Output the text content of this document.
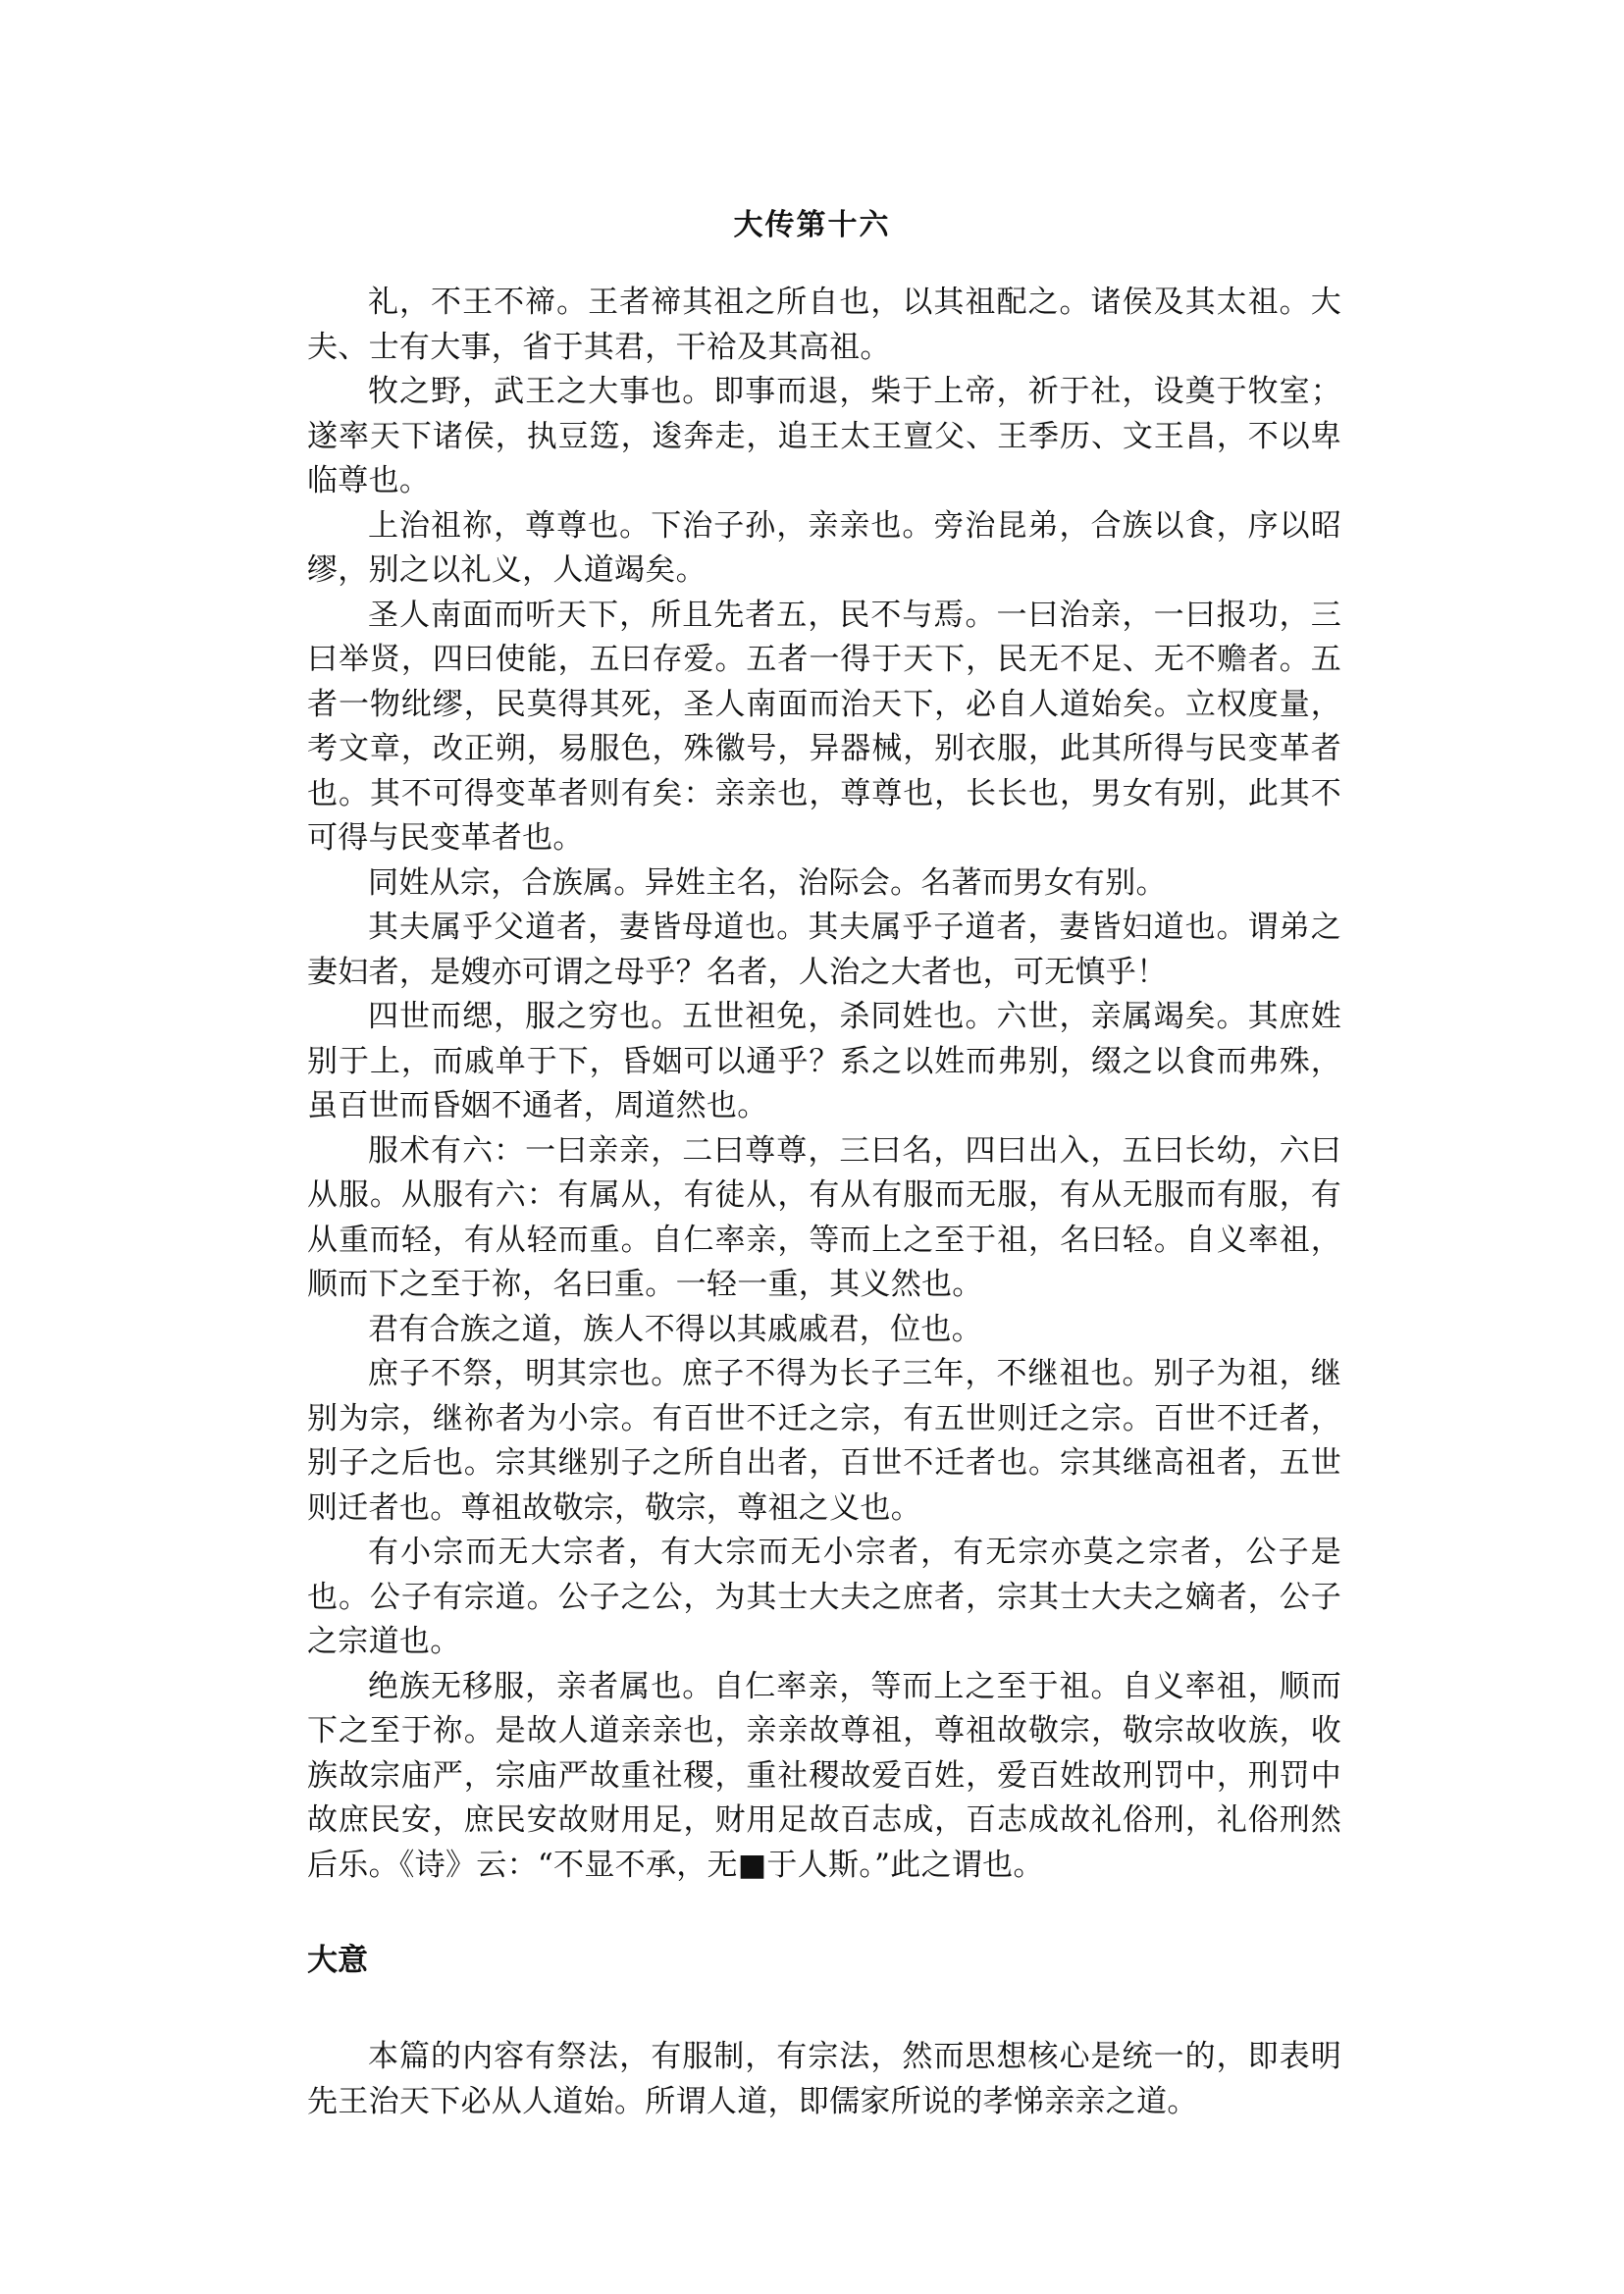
大传第十六

礼，不王不禘。王者禘其祖之所自也，以其祖配之。诸侯及其太祖。大夫、士有大事，省于其君，干祫及其高祖。

牧之野，武王之大事也。即事而退，柴于上帝，祈于社，设奠于牧室；遂率天下诸侯，执豆笾，逡奔走，追王太王亶父、王季历、文王昌，不以卑临尊也。

上治祖祢，尊尊也。下治子孙，亲亲也。旁治昆弟，合族以食，序以昭缪，别之以礼义，人道竭矣。

圣人南面而听天下，所且先者五，民不与焉。一曰治亲，一曰报功，三曰举贤，四曰使能，五曰存爱。五者一得于天下，民无不足、无不赡者。五者一物纰缪，民莫得其死，圣人南面而治天下，必自人道始矣。立权度量，考文章，改正朔，易服色，殊徽号，异器械，别衣服，此其所得与民变革者也。其不可得变革者则有矣：亲亲也，尊尊也，长长也，男女有别，此其不可得与民变革者也。

同姓从宗，合族属。异姓主名，治际会。名著而男女有别。

其夫属乎父道者，妻皆母道也。其夫属乎子道者，妻皆妇道也。谓弟之妻妇者，是嫂亦可谓之母乎？名者，人治之大者也，可无慎乎！

四世而缌，服之穷也。五世袒免，杀同姓也。六世，亲属竭矣。其庶姓别于上，而戚单于下，昏姻可以通乎？系之以姓而弗别，缀之以食而弗殊，虽百世而昏姻不通者，周道然也。

服术有六：一曰亲亲，二曰尊尊，三曰名，四曰出入，五曰长幼，六曰从服。从服有六：有属从，有徒从，有从有服而无服，有从无服而有服，有从重而轻，有从轻而重。自仁率亲，等而上之至于祖，名曰轻。自义率祖，顺而下之至于祢，名曰重。一轻一重，其义然也。

君有合族之道，族人不得以其戚戚君，位也。

庶子不祭，明其宗也。庶子不得为长子三年，不继祖也。别子为祖，继别为宗，继祢者为小宗。有百世不迁之宗，有五世则迁之宗。百世不迁者，别子之后也。宗其继别子之所自出者，百世不迁者也。宗其继高祖者，五世则迁者也。尊祖故敬宗，敬宗，尊祖之义也。

有小宗而无大宗者，有大宗而无小宗者，有无宗亦莫之宗者，公子是也。公子有宗道。公子之公，为其士大夫之庶者，宗其士大夫之嫡者，公子之宗道也。

绝族无移服，亲者属也。自仁率亲，等而上之至于祖。自义率祖，顺而下之至于祢。是故人道亲亲也，亲亲故尊祖，尊祖故敬宗，敬宗故收族，收族故宗庙严，宗庙严故重社稷，重社稷故爱百姓，爱百姓故刑罚中，刑罚中故庶民安，庶民安故财用足，财用足故百志成，百志成故礼俗刑，礼俗刑然后乐。《诗》云：“不显不承，无■于人斯。”此之谓也。

大意

本篇的内容有祭法，有服制，有宗法，然而思想核心是统一的，即表明先王治天下必从人道始。所谓人道，即儒家所说的孝悌亲亲之道。
